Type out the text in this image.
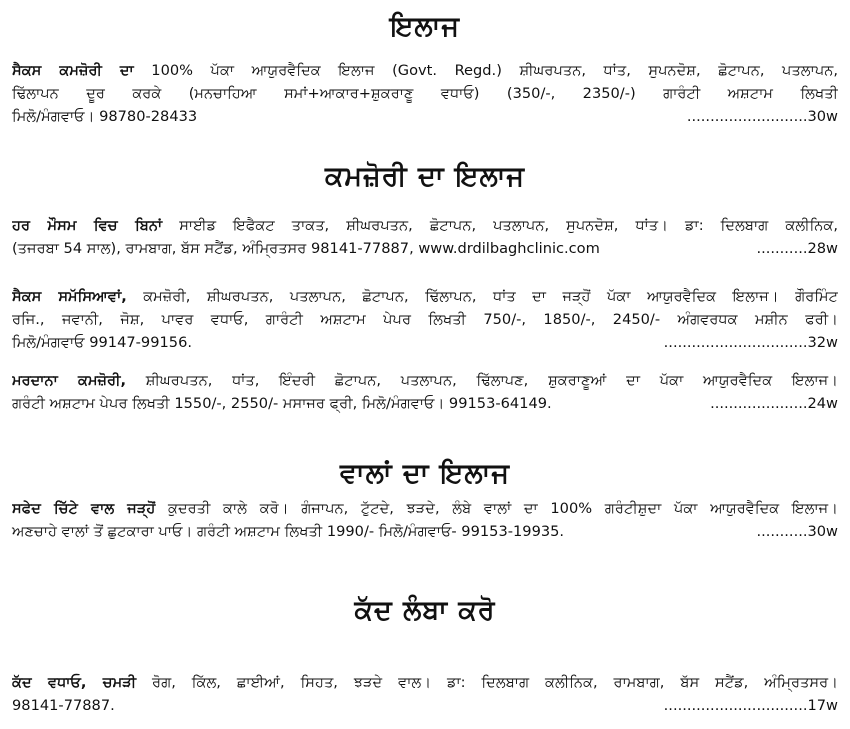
ਇਲਾਜ
ਸੈਕਸ ਕਮਜ਼ੋਰੀ ਦਾ 100% ਪੱਕਾ ਆਯੁਰਵੈਦਿਕ ਇਲਾਜ (Govt. Regd.) ਸ਼ੀਘਰਪਤਨ, ਧਾਂਤ, ਸੁਪਨਦੋਸ਼, ਛੋਟਾਪਨ, ਪਤਲਾਪਨ,
ਢਿੱਲਾਪਨ ਦੂਰ ਕਰਕੇ (ਮਨਚਾਹਿਆ ਸਮਾਂ+ਆਕਾਰ+ਸ਼ੁਕਰਾਣੂ ਵਧਾਓ) (350/-, 2350/-) ਗਾਰੰਟੀ ਅਸ਼ਟਾਮ ਲਿਖਤੀ
ਮਿਲੋ/ਮੰਗਵਾਓ। 98780-28433	..........................30w
ਕਮਜ਼ੋਰੀ ਦਾ ਇਲਾਜ
ਹਰ ਮੌਸਮ ਵਿਚ ਬਿਨਾਂ ਸਾਈਡ ਇਫੈਕਟ ਤਾਕਤ, ਸ਼ੀਘਰਪਤਨ, ਛੋਟਾਪਨ, ਪਤਲਾਪਨ, ਸੁਪਨਦੋਸ਼, ਧਾਂਤ। ਡਾ: ਦਿਲਬਾਗ ਕਲੀਨਿਕ,
(ਤਜਰਬਾ 54 ਸਾਲ), ਰਾਮਬਾਗ, ਬੱਸ ਸਟੈਂਡ, ਅੰਮ੍ਰਿਤਸਰ 98141-77887, www.drdilbaghclinic.com	...........28w
ਸੈਕਸ ਸਮੱਸਿਆਵਾਂ, ਕਮਜ਼ੋਰੀ, ਸ਼ੀਘਰਪਤਨ, ਪਤਲਾਪਨ, ਛੋਟਾਪਨ, ਢਿੱਲਾਪਨ, ਧਾਂਤ ਦਾ ਜੜ੍ਹੋਂ ਪੱਕਾ ਆਯੁਰਵੈਦਿਕ ਇਲਾਜ। ਗੌਰਮਿੰਟ
ਰਜਿ., ਜਵਾਨੀ, ਜੋਸ਼, ਪਾਵਰ ਵਧਾਓ, ਗਾਰੰਟੀ ਅਸ਼ਟਾਮ ਪੇਪਰ ਲਿਖਤੀ 750/-, 1850/-, 2450/- ਅੰਗਵਰਧਕ ਮਸ਼ੀਨ ਫਰੀ।
ਮਿਲੋ/ਮੰਗਵਾਓ 99147-99156.	...............................32w
ਮਰਦਾਨਾ ਕਮਜ਼ੋਰੀ, ਸ਼ੀਘਰਪਤਨ, ਧਾਂਤ, ਇੰਦਰੀ ਛੋਟਾਪਨ, ਪਤਲਾਪਨ, ਢਿੱਲਾਪਣ, ਸ਼ੁਕਰਾਣੂਆਂ ਦਾ ਪੱਕਾ ਆਯੁਰਵੈਦਿਕ ਇਲਾਜ।
ਗਰੰਟੀ ਅਸ਼ਟਾਮ ਪੇਪਰ ਲਿਖਤੀ 1550/-, 2550/- ਮਸਾਜਰ ਫ੍ਰੀ, ਮਿਲੋ/ਮੰਗਵਾਓ। 99153-64149.	.....................24w
ਵਾਲਾਂ ਦਾ ਇਲਾਜ
ਸਫੇਦ ਚਿੱਟੇ ਵਾਲ ਜੜ੍ਹੋਂ ਕੁਦਰਤੀ ਕਾਲੇ ਕਰੋ। ਗੰਜਾਪਨ, ਟੁੱਟਦੇ, ਝੜਦੇ, ਲੰਬੇ ਵਾਲਾਂ ਦਾ 100% ਗਰੰਟੀਸ਼ੁਦਾ ਪੱਕਾ ਆਯੁਰਵੈਦਿਕ ਇਲਾਜ।
ਅਣਚਾਹੇ ਵਾਲਾਂ ਤੋਂ ਛੁਟਕਾਰਾ ਪਾਓ। ਗਰੰਟੀ ਅਸ਼ਟਾਮ ਲਿਖਤੀ 1990/- ਮਿਲੋ/ਮੰਗਵਾਓ- 99153-19935.	...........30w
ਕੱਦ ਲੰਬਾ ਕਰੋ
ਕੱਦ ਵਧਾਓ, ਚਮੜੀ ਰੋਗ, ਕਿੱਲ, ਛਾਈਆਂ, ਸਿਹਤ, ਝੜਦੇ ਵਾਲ। ਡਾ: ਦਿਲਬਾਗ ਕਲੀਨਿਕ, ਰਾਮਬਾਗ, ਬੱਸ ਸਟੈਂਡ, ਅੰਮ੍ਰਿਤਸਰ।
98141-77887.	...............................17w
